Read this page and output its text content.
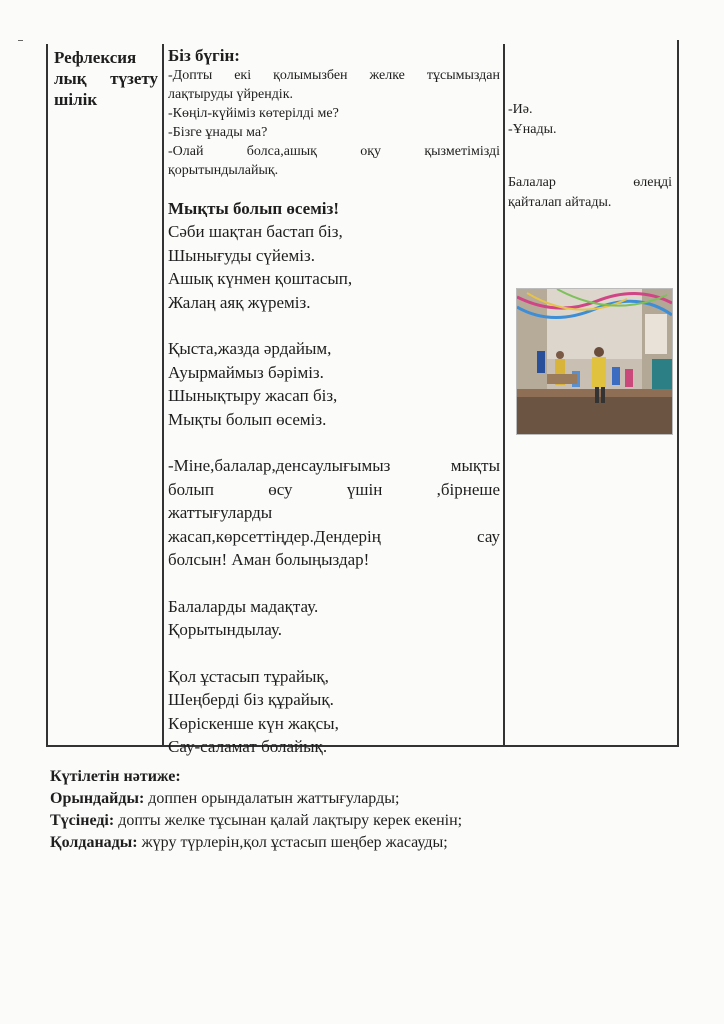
Рефлексия
лық түзету
шілік
Біз бүгін:
-Допты екі қолымызбен желке тұсымыздан
лақтыруды үйрендік.
-Көңіл-күйіміз көтерілді ме?
-Бізге ұнады ма?
-Олай болса,ашық оқу қызметімізді
қорытындылайық.
Мықты болып өсеміз!
Сәби шақтан бастап біз,
Шынығуды сүйеміз.
Ашық күнмен қоштасып,
Жалаң аяқ жүреміз.
Қыста,жазда әрдайым,
Ауырмаймыз бәріміз.
Шынықтыру жасап біз,
Мықты болып өсеміз.
-Міне,балалар,денсаулығымыз мықты
болып өсу үшін ,бірнеше
жаттығуларды
жасап,көрсеттіңдер.Дендерің сау
болсын! Аман болыңыздар!
Балаларды мадақтау.
Қорытындылау.
Қол ұстасып тұрайық,
Шеңберді біз құрайық.
Көріскенше күн жақсы,
Сау-саламат болайық.
-Иә.
-Ұнады.
Балалар өлеңді
қайталап айтады.
Күтілетін нәтиже:
Орындайды: доппен орындалатын жаттығуларды;
Түсінеді: допты желке тұсынан қалай лақтыру керек екенін;
Қолданады: жүру түрлерін,қол ұстасып шеңбер жасауды;
